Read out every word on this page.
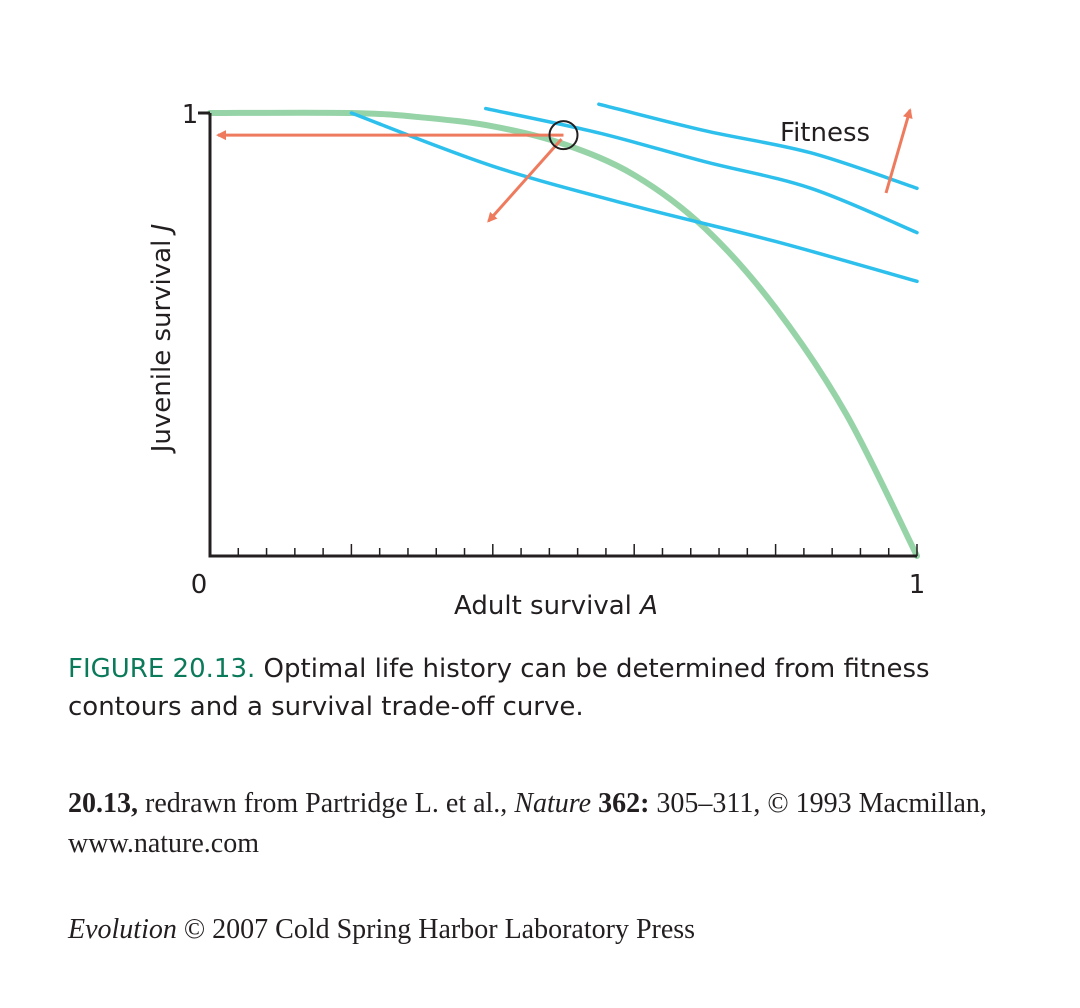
1
0	1
Adult survival A
Juvenile survival J
Fitness
FIGURE 20.13. Optimal life history can be determined from fitness contours and a survival trade-off curve.
20.13, redrawn from Partridge L. et al., Nature 362: 305–311, © 1993 Macmillan, www.nature.com
Evolution © 2007 Cold Spring Harbor Laboratory Press
